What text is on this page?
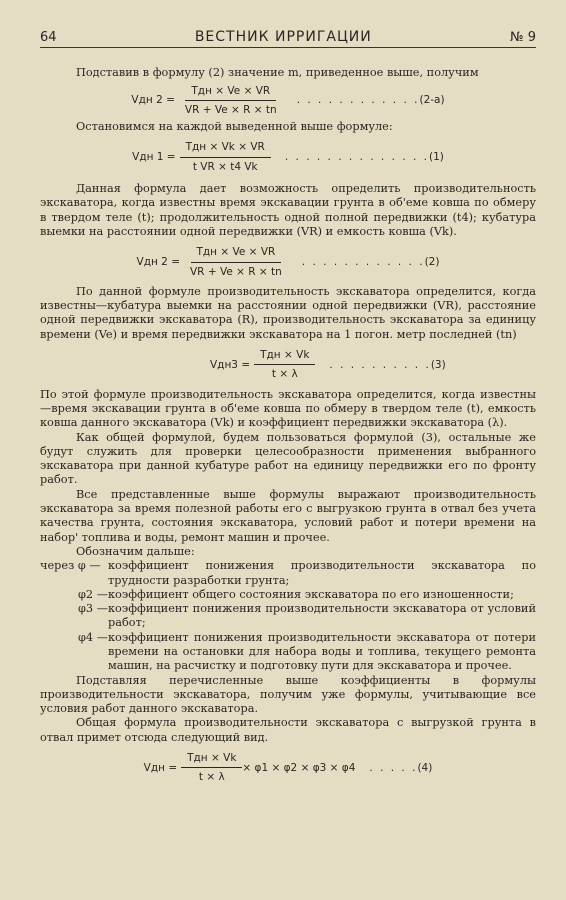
64	ВЕСТНИК ИРРИГАЦИИ	№ 9

Подставив в формулу (2) значение m, приведенное выше, получим

Vдн $2 = \frac{\text{Tдн × Ve × VR}}{VR + Ve \times R \times tn}$ . . . . . . . . . . . . (2-а)

Остановимся на каждой выведенной выше формуле:

Vдн $1 = \frac{\text{Tдн × Vk × VR}}{\text{t VR × t4 Vk}}$ . . . . . . . . . . . . . . (1)

Данная формула дает возможность определить производительность экскаватора, когда известны время экскавации грунта в об'еме ковша по обмеру в твердом теле (t); продолжительность одной полной передвижки (t4); кубатура выемки на расстоянии одной передвижки (VR) и емкость ковша (Vk).

Vдн $2 = \frac{\text{Tдн × Ve × VR}}{VR + Ve \times R \times tn}$ . . . . . . . . . . . . (2)

По данной формуле производительность экскаватора определится, когда известны—кубатура выемки на расстоянии одной передвижки (VR), расстояние одной передвижки экскаватора (R), производительность экскаватора за единицу времени (Ve) и время передвижки экскаватора на 1 погон. метр последней (tn)

$Vдн3 = \frac{\text{Tдн × Vk}}{t \times \lambda}$ . . . . . . . . . . (3)

По этой формуле производительность экскаватора определится, когда известны—время экскавации грунта в об'еме ковша по обмеру в твердом теле (t), емкость ковша данного экскаватора (Vk) и коэффициент передвижки экскаватора (λ).

Как общей формулой, будем пользоваться формулой (3), остальные же будут служить для проверки целесообразности применения выбранного экскаватора при данной кубатуре работ на единицу передвижки его по фронту работ.

Все представленные выше формулы выражают производительность экскаватора за время полезной работы его с выгрузкою грунта в отвал без учета качества грунта, состояния экскаватора, условий работ и потери времени на набор' топлива и воды, ремонт машин и прочее.

Обозначим дальше:

через φ — коэффициент понижения производительности экскаватора по трудности разработки грунта;
φ2 — коэффициент общего состояния экскаватора по его изношенности;
φ3 — коэффициент понижения производительности экскаватора от условий работ;
φ4 — коэффициент понижения производительности экскаватора от потери времени на остановки для набора воды и топлива, текущего ремонта машин, на расчистку и подготовку пути для экскаватора и прочее.

Подставляя перечисленные выше коэффициенты в формулы производительности экскаватора, получим уже формулы, учитывающие все условия работ данного экскаватора.

Общая формула производительности экскаватора с выгрузкой грунта в отвал примет отсюда следующий вид.

Vдн = $\frac{\text{Tдн × Vk}}{t \times \lambda} \times \varphi 1 \times \varphi 2 \times \varphi 3 \times \varphi 4$ . . . . . (4)
